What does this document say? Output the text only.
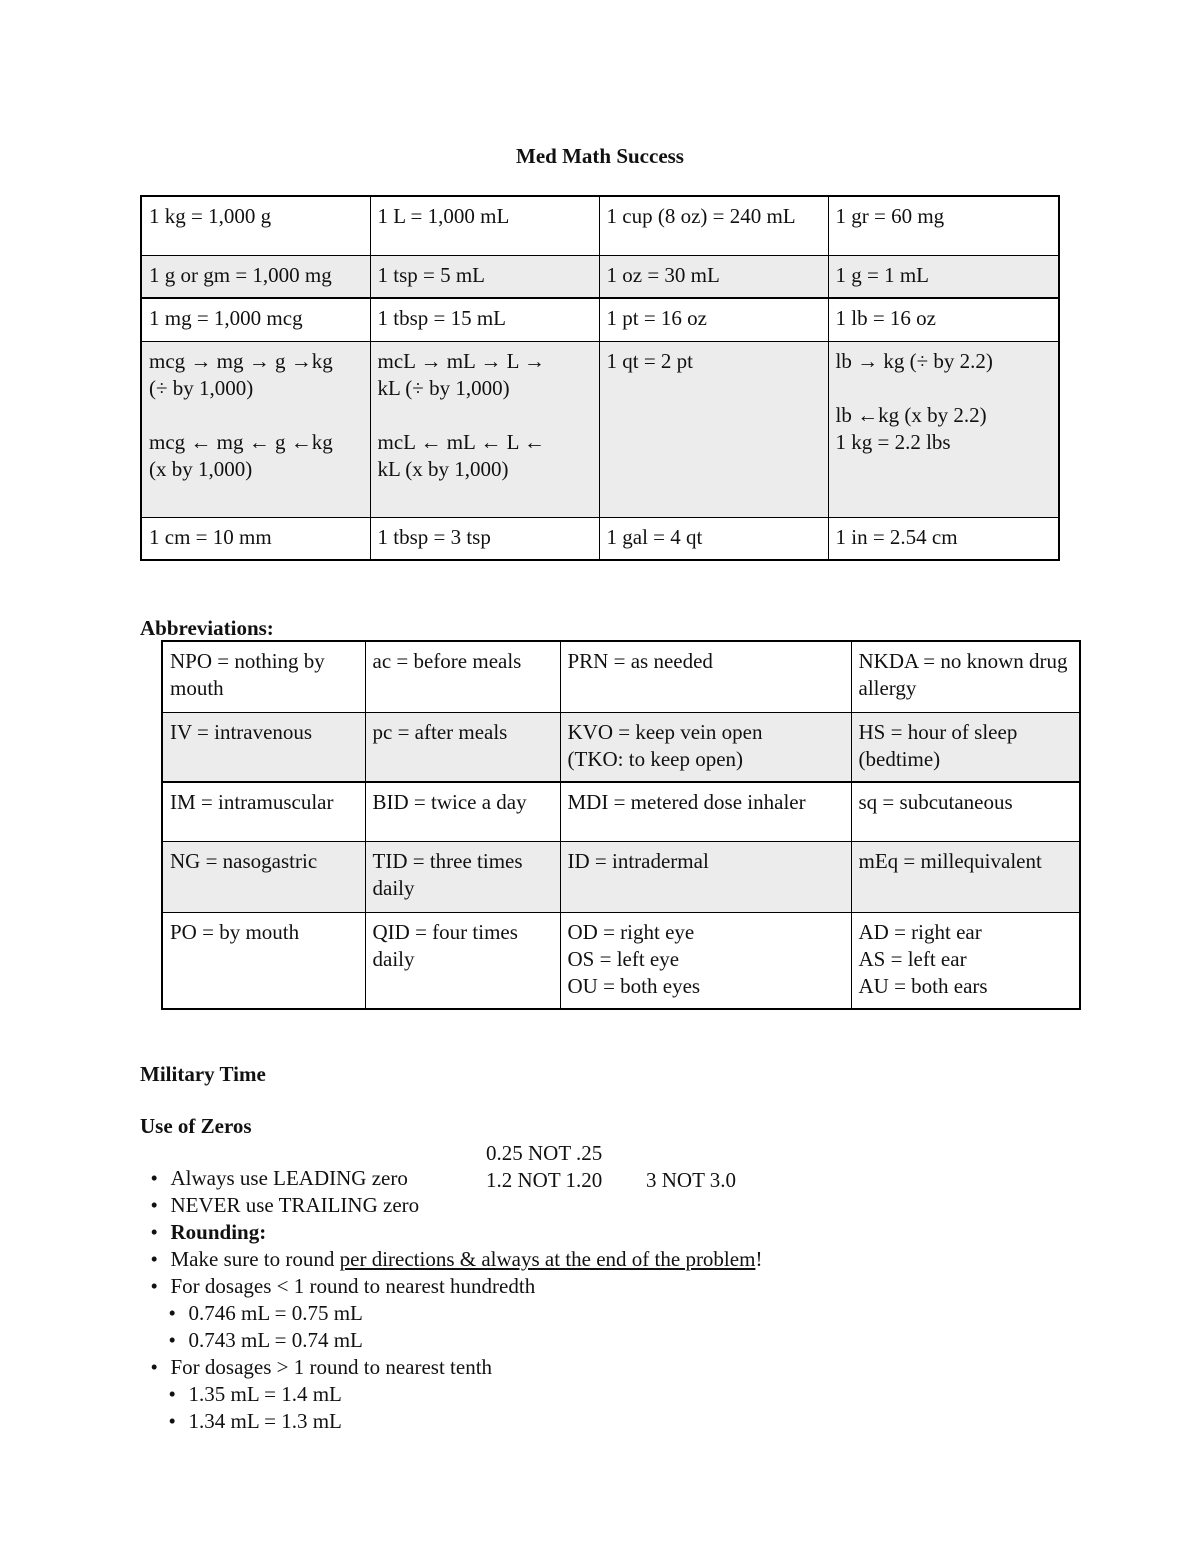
Med Math Success
1 kg = 1,000 g	1 L = 1,000 mL	1 cup (8 oz) = 240 mL	1 gr = 60 mg
1 g or gm = 1,000 mg	1 tsp = 5 mL	1 oz = 30 mL	1 g = 1 mL
1 mg = 1,000 mcg	1 tbsp = 15 mL	1 pt = 16 oz	1 lb = 16 oz
mcg → mg → g →kg
(÷ by 1,000)

mcg ← mg ← g ←kg
(x by 1,000)	mcL → mL → L →
kL (÷ by 1,000)

mcL ← mL ← L ←
kL (x by 1,000)	1 qt = 2 pt	lb → kg (÷ by 2.2)

lb ←kg (x by 2.2)
1 kg = 2.2 lbs
1 cm = 10 mm	1 tbsp = 3 tsp	1 gal = 4 qt	1 in = 2.54 cm
Abbreviations:
NPO = nothing by mouth	ac = before meals	PRN = as needed	NKDA = no known drug allergy
IV = intravenous	pc = after meals	KVO = keep vein open
(TKO: to keep open)	HS = hour of sleep
(bedtime)
IM = intramuscular	BID = twice a day	MDI = metered dose inhaler	sq = subcutaneous
NG = nasogastric	TID = three times daily	ID = intradermal	mEq = millequivalent
PO = by mouth	QID = four times daily	OD = right eye
OS = left eye
OU = both eyes	AD = right ear
AS = left ear
AU = both ears
Military Time
Use of Zeros

• Always use LEADING zero

0.25 NOT .25

• NEVER use TRAILING zero

1.2 NOT 1.20 3 NOT 3.0

• Rounding:

• Make sure to round per directions & always at the end of the problem!

• For dosages < 1 round to nearest hundredth

• 0.746 mL = 0.75 mL

• 0.743 mL = 0.74 mL

• For dosages > 1 round to nearest tenth

• 1.35 mL = 1.4 mL

• 1.34 mL = 1.3 mL
